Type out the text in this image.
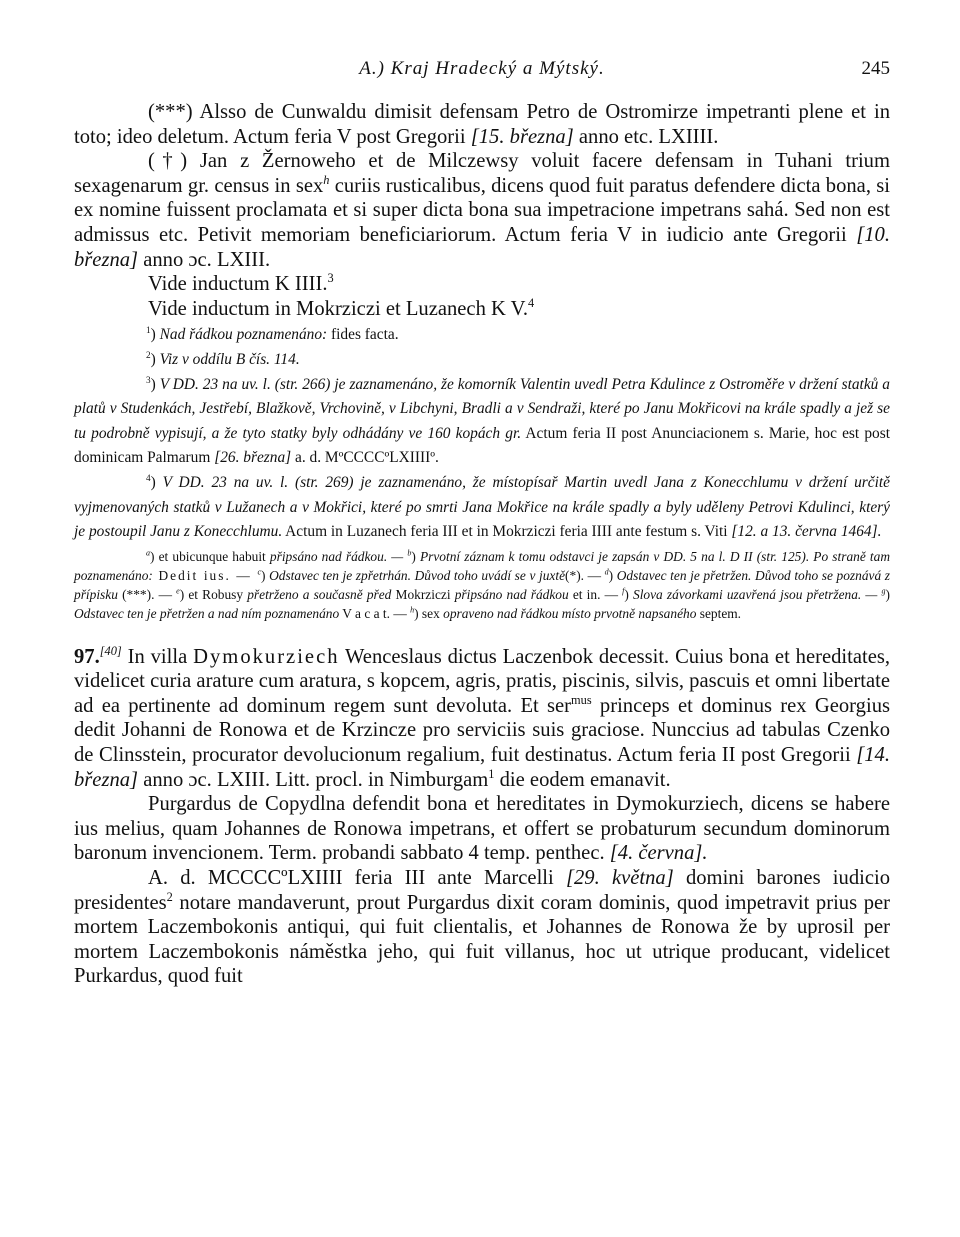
A.) Kraj Hradecký a Mýtský.	245

(***) Alsso de Cunwaldu dimisit defensam Petro de Ostromirze impetranti plene et in toto; ideo deletum. Actum feria V post Gregorii [15. března] anno etc. LXIIII.

(†) Jan z Žernoweho et de Milczewsy voluit facere defensam in Tuhani trium sexagenarum gr. census in sex$^h$ curiis rusticalibus, dicens quod fuit paratus defendere dicta bona, si ex nomine fuissent proclamata et si super dicta bona sua impetracione impetrans sahá. Sed non est admissus etc. Petivit memoriam beneficiariorum. Actum feria V in iudicio ante Gregorii [10. března] anno ɔc. LXIII.

Vide inductum K IIII.$^3$

Vide inductum in Mokrziczi et Luzanech K V.$^4$

$^1$) Nad řádkou poznamenáno: fides facta.

$^2$) Viz v oddílu B čís. 114.

$^3$) V DD. 23 na uv. l. (str. 266) je zaznamenáno, že komorník Valentin uvedl Petra Kdulince z Ostroměře v držení statků a platů v Studenkách, Jestřebí, Blažkově, Vrchovině, v Libchyni, Bradli a v Sendraži, které po Janu Mokřicovi na krále spadly a jež se tu podrobně vypisují, a že tyto statky byly odhádány ve 160 kopách gr. Actum feria II post Anunciacionem s. Marie, hoc est post dominicam Palmarum [26. března] a. d. MºCCCCºLXIIIIº.

$^4$) V DD. 23 na uv. l. (str. 269) je zaznamenáno, že místopísař Martin uvedl Jana z Konecchlumu v držení určitě vyjmenovaných statků v Lužanech a v Mokřici, které po smrti Jana Mokřice na krále spadly a byly uděleny Petrovi Kdulinci, který je postoupil Janu z Konecchlumu. Actum in Luzanech feria III et in Mokrziczi feria IIII ante festum s. Viti [12. a 13. června 1464].

$^a$) et ubicunque habuit připsáno nad řádkou. — $^b$) Prvotní záznam k tomu odstavci je zapsán v DD. 5 na l. D II (str. 125). Po straně tam poznamenáno: Dedit ius. — $^c$) Odstavec ten je zpřetrhán. Důvod toho uvádí se v juxtě(*). — $^d$) Odstavec ten je přetržen. Důvod toho se poznává z přípisku (***). — $^e$) et Robusy přetrženo a současně před Mokrziczi připsáno nad řádkou et in. — $^f$) Slova závorkami uzavřená jsou přetržena. — $^g$) Odstavec ten je přetržen a nad ním poznamenáno V a c a t. — $^h$) sex opraveno nad řádkou místo prvotně napsaného septem.

97.[40] In villa Dymokurziech Wenceslaus dictus Laczenbok decessit. Cuius bona et hereditates, videlicet curia arature cum aratura, s kopcem, agris, pratis, piscinis, silvis, pascuis et omni libertate ad ea pertinente ad dominum regem sunt devoluta. Et ser$^{mus}$ princeps et dominus rex Georgius dedit Johanni de Ronowa et de Krzincze pro serviciis suis graciose. Nunccius ad tabulas Czenko de Clinsstein, procurator devolucionum regalium, fuit destinatus. Actum feria II post Gregorii [14. března] anno ɔc. LXIII. Litt. procl. in Nimburgam$^1$ die eodem emanavit.

Purgardus de Copydlna defendit bona et hereditates in Dymokurziech, dicens se habere ius melius, quam Johannes de Ronowa impetrans, et offert se probaturum secundum dominorum baronum invencionem. Term. probandi sabbato 4 temp. penthec. [4. června].

A. d. MCCCCºLXIIII feria III ante Marcelli [29. května] domini barones iudicio presidentes$^2$ notare mandaverunt, prout Purgardus dixit coram dominis, quod impetravit prius per mortem Laczembokonis antiqui, qui fuit clientalis, et Johannes de Ronowa že by uprosil per mortem Laczembokonis náměstka jeho, qui fuit villanus, hoc ut utrique producant, videlicet Purkardus, quod fuit
